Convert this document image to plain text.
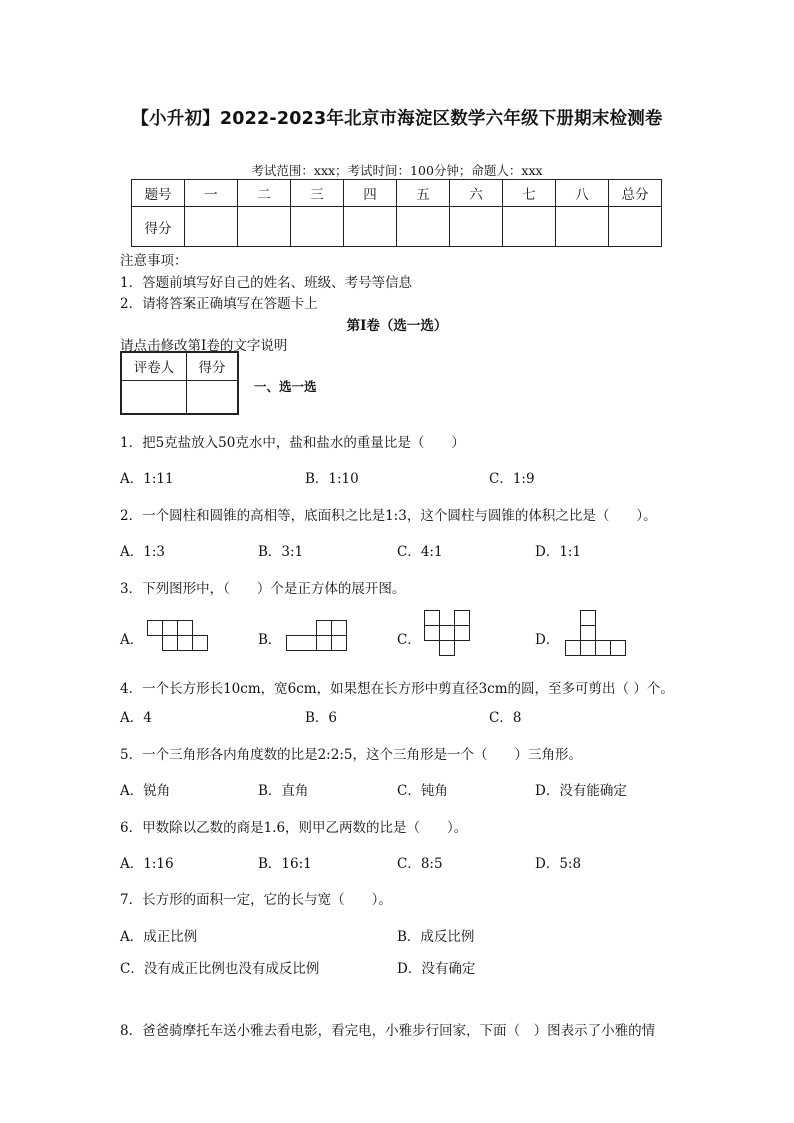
【小升初】2022-2023年北京市海淀区数学六年级下册期末检测卷
考试范围：xxx；考试时间：100分钟；命题人：xxx
题号	一	二	三	四	五	六	七	八	总分
得分									
注意事项：
1．答题前填写好自己的姓名、班级、考号等信息
2．请将答案正确填写在答题卡上
第I卷（选一选）
请点击修改第I卷的文字说明
评卷人	得分

一、选一选
1．把5克盐放入50克水中，盐和盐水的重量比是（　　）
A．1:11	B．1:10	C．1:9
2．一个圆柱和圆锥的高相等，底面积之比是1:3，这个圆柱与圆锥的体积之比是（　　）。
A．1:3	B．3:1	C．4:1	D．1:1
3．下列图形中，（　　）个是正方体的展开图。
A．	B．	C．	D．
4．一个长方形长10cm，宽6cm，如果想在长方形中剪直径3cm的圆，至多可剪出（ ）个。
A．4	B．6	C．8
5．一个三角形各内角度数的比是2:2:5，这个三角形是一个（　　）三角形。
A．锐角	B．直角	C．钝角	D．没有能确定
6．甲数除以乙数的商是1.6，则甲乙两数的比是（　　）。
A．1:16	B．16:1	C．8:5	D．5:8
7．长方形的面积一定，它的长与宽（　　）。
A．成正比例	B．成反比例
C．没有成正比例也没有成反比例	D．没有确定
8．爸爸骑摩托车送小雅去看电影，看完电，小雅步行回家，下面（　）图表示了小雅的情
